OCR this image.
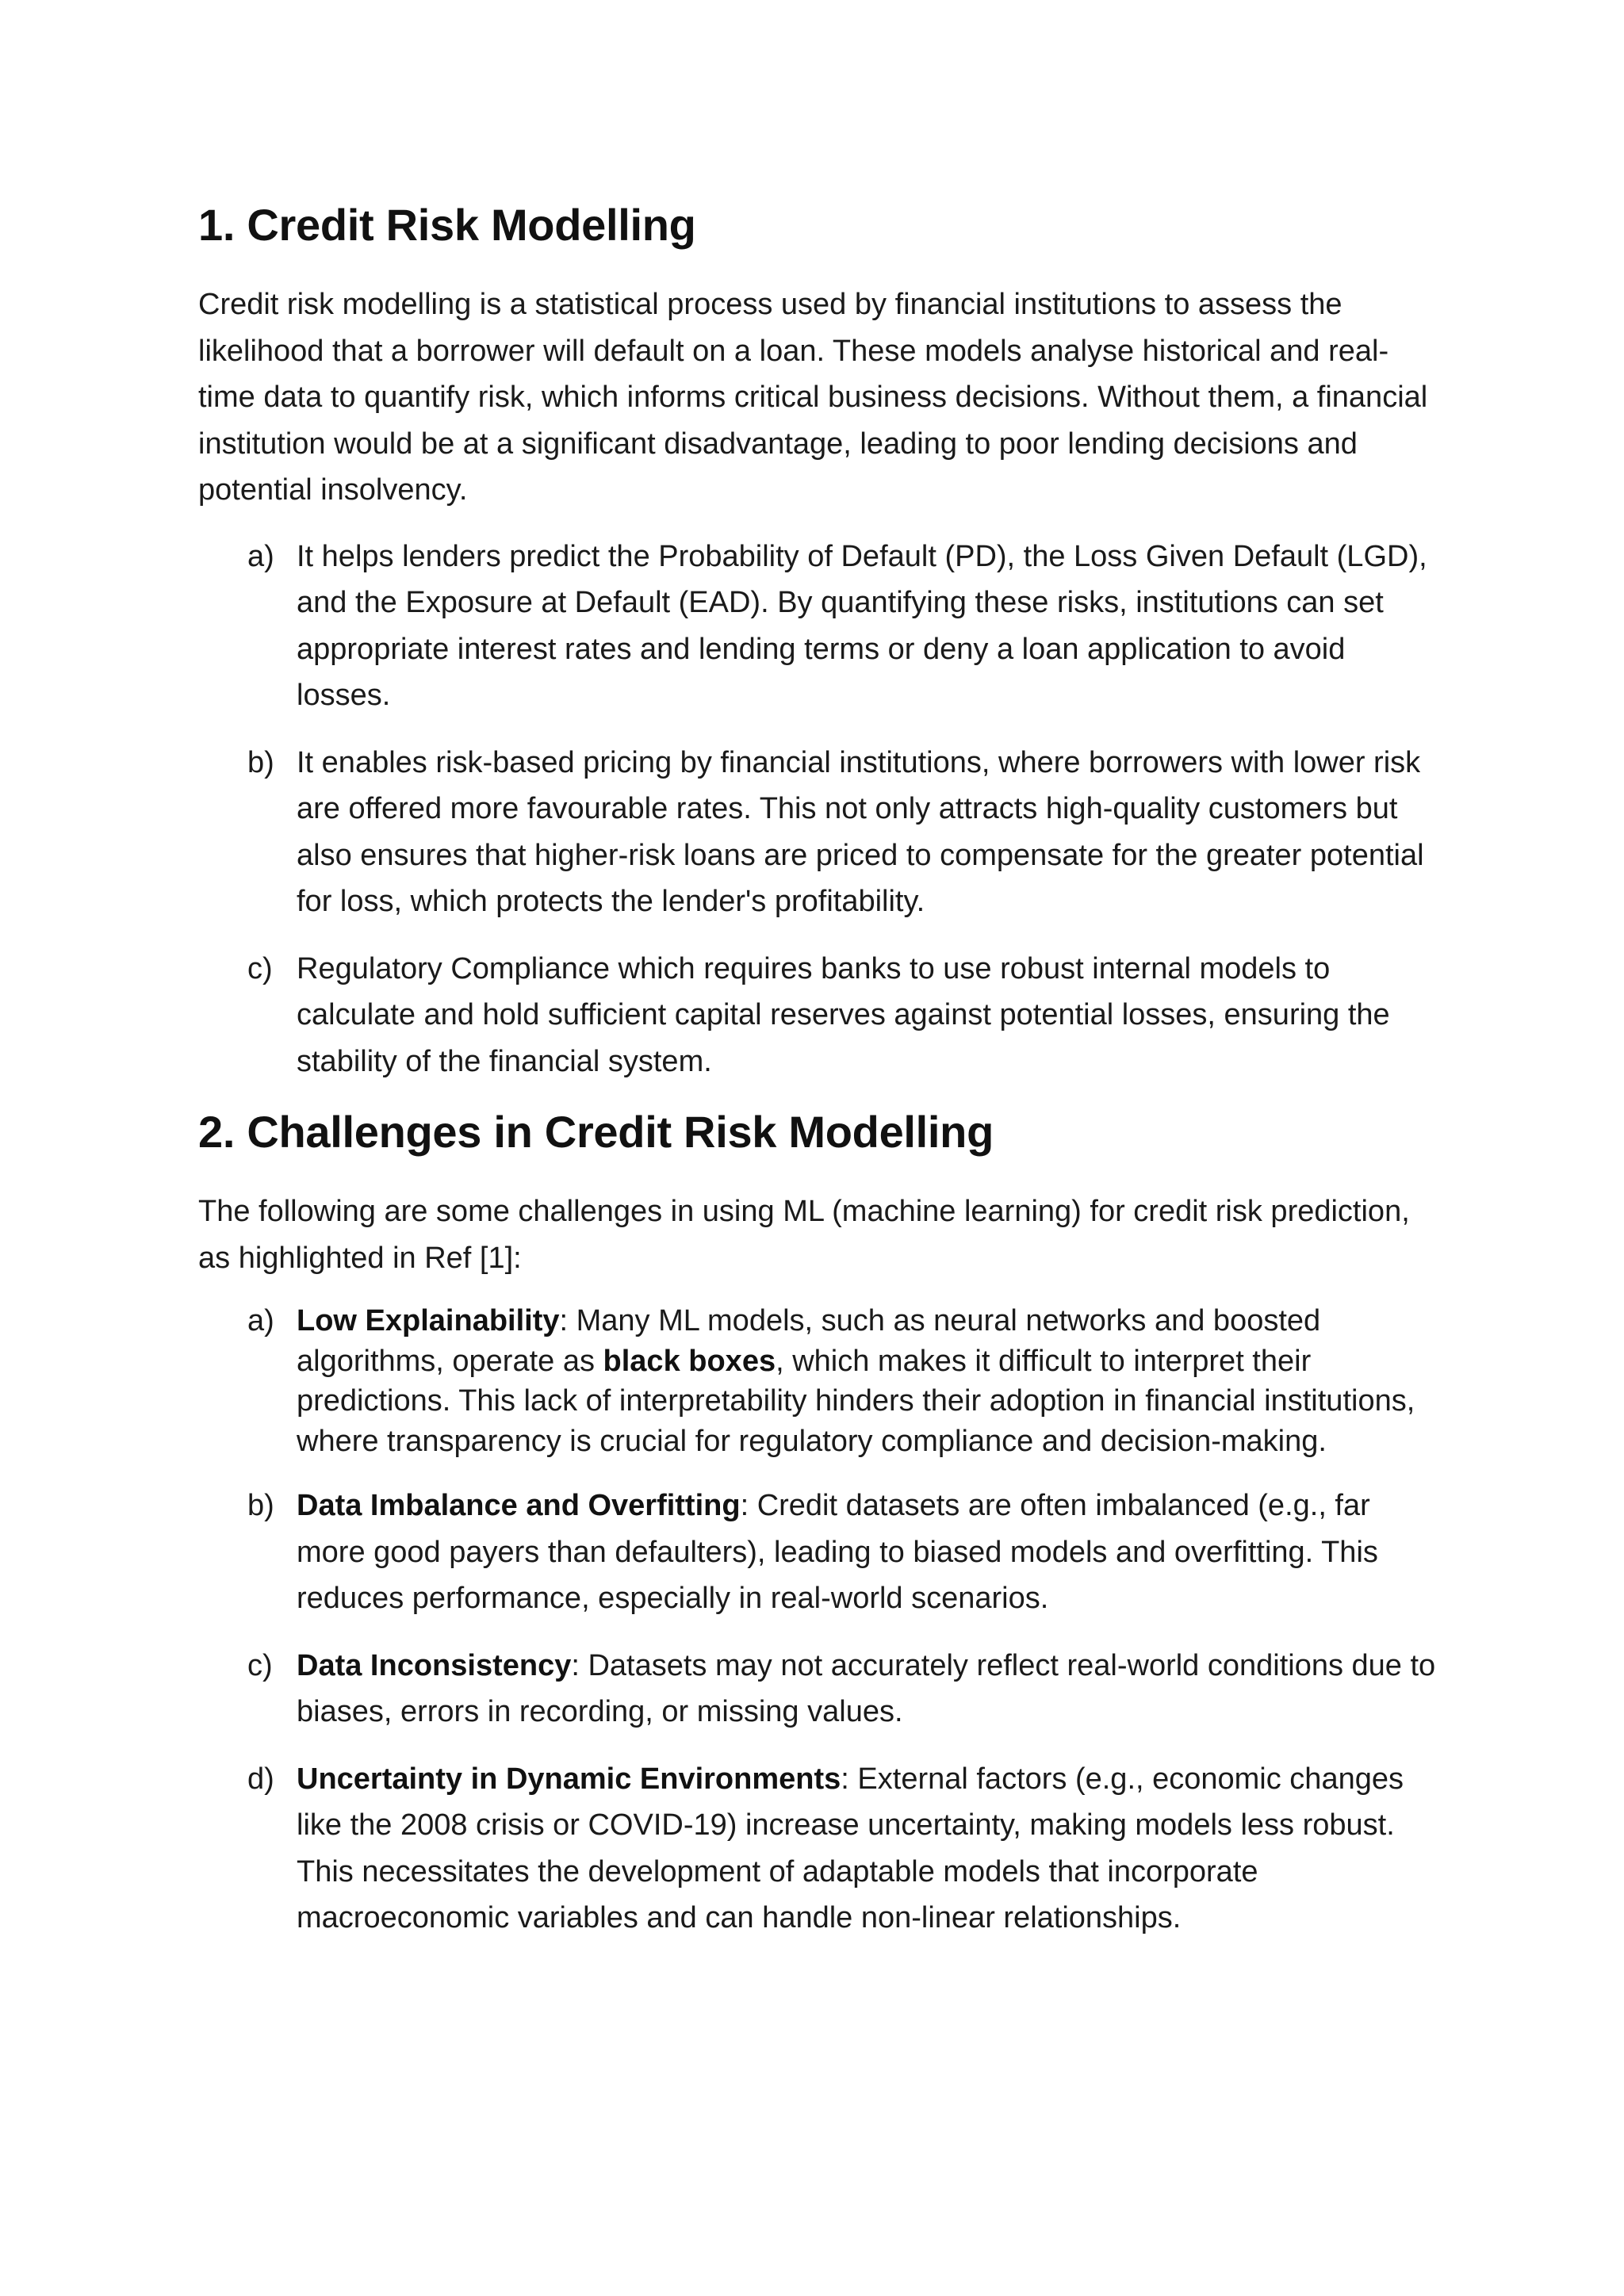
1. Credit Risk Modelling

Credit risk modelling is a statistical process used by financial institutions to assess the likelihood that a borrower will default on a loan. These models analyse historical and real-time data to quantify risk, which informs critical business decisions. Without them, a financial institution would be at a significant disadvantage, leading to poor lending decisions and potential insolvency.

a) It helps lenders predict the Probability of Default (PD), the Loss Given Default (LGD), and the Exposure at Default (EAD). By quantifying these risks, institutions can set appropriate interest rates and lending terms or deny a loan application to avoid losses.
b) It enables risk-based pricing by financial institutions, where borrowers with lower risk are offered more favourable rates. This not only attracts high-quality customers but also ensures that higher-risk loans are priced to compensate for the greater potential for loss, which protects the lender's profitability.
c) Regulatory Compliance which requires banks to use robust internal models to calculate and hold sufficient capital reserves against potential losses, ensuring the stability of the financial system.
2. Challenges in Credit Risk Modelling

The following are some challenges in using ML (machine learning) for credit risk prediction, as highlighted in Ref [1]:

a) Low Explainability: Many ML models, such as neural networks and boosted algorithms, operate as black boxes, which makes it difficult to interpret their predictions. This lack of interpretability hinders their adoption in financial institutions, where transparency is crucial for regulatory compliance and decision-making.
b) Data Imbalance and Overfitting: Credit datasets are often imbalanced (e.g., far more good payers than defaulters), leading to biased models and overfitting. This reduces performance, especially in real-world scenarios.
c) Data Inconsistency: Datasets may not accurately reflect real-world conditions due to biases, errors in recording, or missing values.
d) Uncertainty in Dynamic Environments: External factors (e.g., economic changes like the 2008 crisis or COVID-19) increase uncertainty, making models less robust. This necessitates the development of adaptable models that incorporate macroeconomic variables and can handle non-linear relationships.
